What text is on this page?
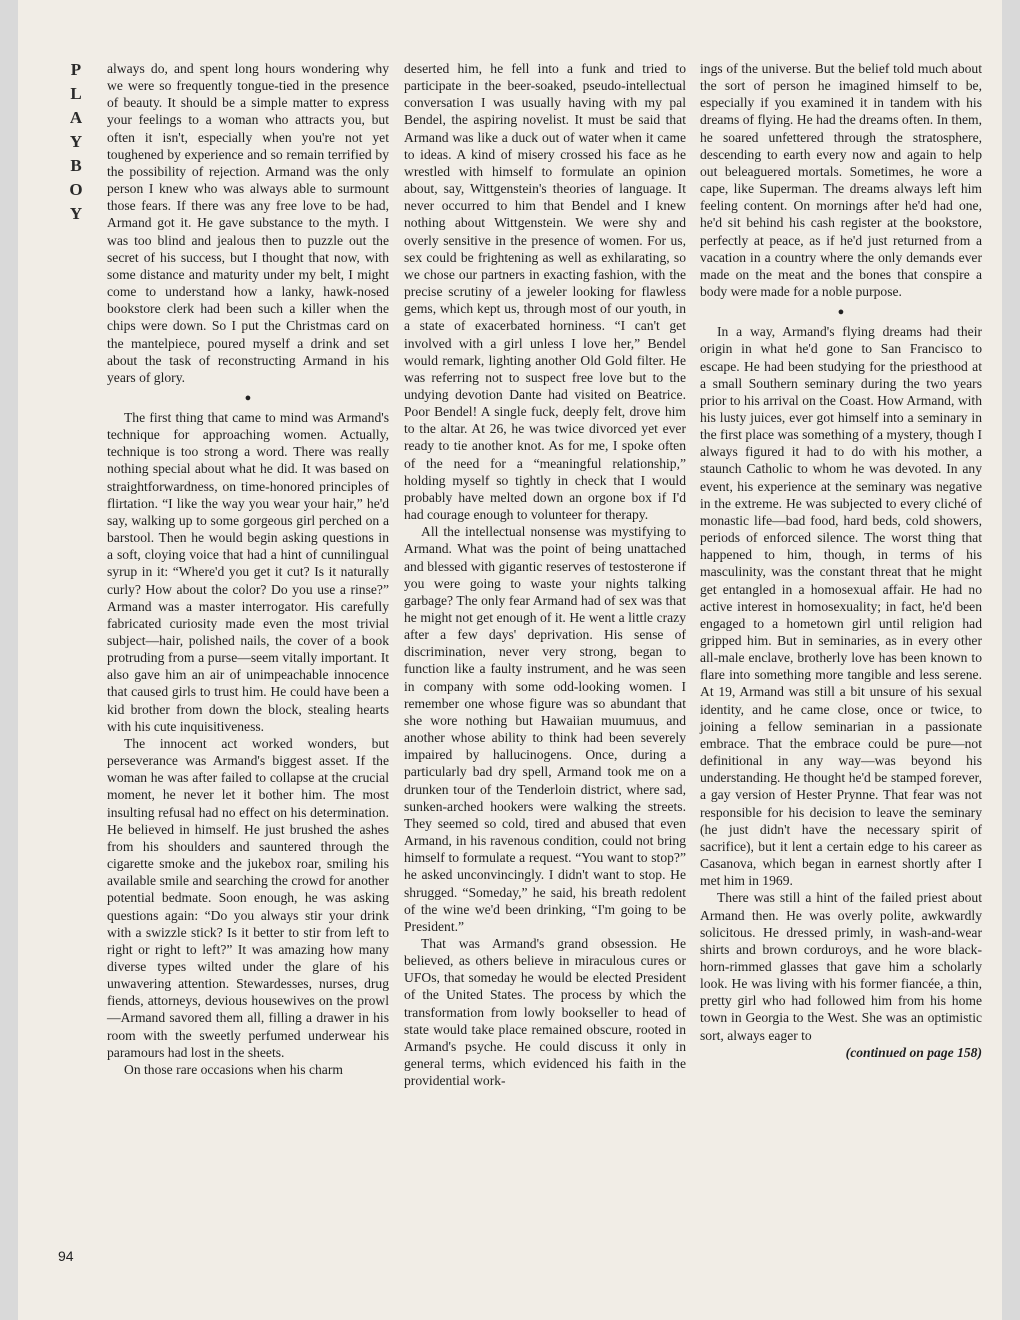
P
L
A
Y
B
O
Y
94

always do, and spent long hours wondering why we were so frequently tongue-tied in the presence of beauty. It should be a simple matter to express your feelings to a woman who attracts you, but often it isn't, especially when you're not yet toughened by experience and so remain terrified by the possibility of rejection. Armand was the only person I knew who was always able to surmount those fears. If there was any free love to be had, Armand got it. He gave substance to the myth. I was too blind and jealous then to puzzle out the secret of his success, but I thought that now, with some distance and maturity under my belt, I might come to understand how a lanky, hawk-nosed bookstore clerk had been such a killer when the chips were down. So I put the Christmas card on the mantelpiece, poured myself a drink and set about the task of reconstructing Armand in his years of glory.

●

The first thing that came to mind was Armand's technique for approaching women. Actually, technique is too strong a word. There was really nothing special about what he did. It was based on straightforwardness, on time-honored principles of flirtation. “I like the way you wear your hair,” he'd say, walking up to some gorgeous girl perched on a barstool. Then he would begin asking questions in a soft, cloying voice that had a hint of cunnilingual syrup in it: “Where'd you get it cut? Is it naturally curly? How about the color? Do you use a rinse?” Armand was a master interrogator. His carefully fabricated curiosity made even the most trivial subject—hair, polished nails, the cover of a book protruding from a purse—seem vitally important. It also gave him an air of unimpeachable innocence that caused girls to trust him. He could have been a kid brother from down the block, stealing hearts with his cute inquisitiveness.

The innocent act worked wonders, but perseverance was Armand's biggest asset. If the woman he was after failed to collapse at the crucial moment, he never let it bother him. The most insulting refusal had no effect on his determination. He believed in himself. He just brushed the ashes from his shoulders and sauntered through the cigarette smoke and the jukebox roar, smiling his available smile and searching the crowd for another potential bedmate. Soon enough, he was asking questions again: “Do you always stir your drink with a swizzle stick? Is it better to stir from left to right or right to left?” It was amazing how many diverse types wilted under the glare of his unwavering attention. Stewardesses, nurses, drug fiends, attorneys, devious housewives on the prowl—Armand savored them all, filling a drawer in his room with the sweetly perfumed underwear his paramours had lost in the sheets.

On those rare occasions when his charm

deserted him, he fell into a funk and tried to participate in the beer-soaked, pseudo-intellectual conversation I was usually having with my pal Bendel, the aspiring novelist. It must be said that Armand was like a duck out of water when it came to ideas. A kind of misery crossed his face as he wrestled with himself to formulate an opinion about, say, Wittgenstein's theories of language. It never occurred to him that Bendel and I knew nothing about Wittgenstein. We were shy and overly sensitive in the presence of women. For us, sex could be frightening as well as exhilarating, so we chose our partners in exacting fashion, with the precise scrutiny of a jeweler looking for flawless gems, which kept us, through most of our youth, in a state of exacerbated horniness. “I can't get involved with a girl unless I love her,” Bendel would remark, lighting another Old Gold filter. He was referring not to suspect free love but to the undying devotion Dante had visited on Beatrice. Poor Bendel! A single fuck, deeply felt, drove him to the altar. At 26, he was twice divorced yet ever ready to tie another knot. As for me, I spoke often of the need for a “meaningful relationship,” holding myself so tightly in check that I would probably have melted down an orgone box if I'd had courage enough to volunteer for therapy.

All the intellectual nonsense was mystifying to Armand. What was the point of being unattached and blessed with gigantic reserves of testosterone if you were going to waste your nights talking garbage? The only fear Armand had of sex was that he might not get enough of it. He went a little crazy after a few days' deprivation. His sense of discrimination, never very strong, began to function like a faulty instrument, and he was seen in company with some odd-looking women. I remember one whose figure was so abundant that she wore nothing but Hawaiian muumuus, and another whose ability to think had been severely impaired by hallucinogens. Once, during a particularly bad dry spell, Armand took me on a drunken tour of the Tenderloin district, where sad, sunken-arched hookers were walking the streets. They seemed so cold, tired and abused that even Armand, in his ravenous condition, could not bring himself to formulate a request. “You want to stop?” he asked unconvincingly. I didn't want to stop. He shrugged. “Someday,” he said, his breath redolent of the wine we'd been drinking, “I'm going to be President.”

That was Armand's grand obsession. He believed, as others believe in miraculous cures or UFOs, that someday he would be elected President of the United States. The process by which the transformation from lowly bookseller to head of state would take place remained obscure, rooted in Armand's psyche. He could discuss it only in general terms, which evidenced his faith in the providential work-

ings of the universe. But the belief told much about the sort of person he imagined himself to be, especially if you examined it in tandem with his dreams of flying. He had the dreams often. In them, he soared unfettered through the stratosphere, descending to earth every now and again to help out beleaguered mortals. Sometimes, he wore a cape, like Superman. The dreams always left him feeling content. On mornings after he'd had one, he'd sit behind his cash register at the bookstore, perfectly at peace, as if he'd just returned from a vacation in a country where the only demands ever made on the meat and the bones that conspire a body were made for a noble purpose.

●

In a way, Armand's flying dreams had their origin in what he'd gone to San Francisco to escape. He had been studying for the priesthood at a small Southern seminary during the two years prior to his arrival on the Coast. How Armand, with his lusty juices, ever got himself into a seminary in the first place was something of a mystery, though I always figured it had to do with his mother, a staunch Catholic to whom he was devoted. In any event, his experience at the seminary was negative in the extreme. He was subjected to every cliché of monastic life—bad food, hard beds, cold showers, periods of enforced silence. The worst thing that happened to him, though, in terms of his masculinity, was the constant threat that he might get entangled in a homosexual affair. He had no active interest in homosexuality; in fact, he'd been engaged to a hometown girl until religion had gripped him. But in seminaries, as in every other all-male enclave, brotherly love has been known to flare into something more tangible and less serene. At 19, Armand was still a bit unsure of his sexual identity, and he came close, once or twice, to joining a fellow seminarian in a passionate embrace. That the embrace could be pure—not definitional in any way—was beyond his understanding. He thought he'd be stamped forever, a gay version of Hester Prynne. That fear was not responsible for his decision to leave the seminary (he just didn't have the necessary spirit of sacrifice), but it lent a certain edge to his career as Casanova, which began in earnest shortly after I met him in 1969.

There was still a hint of the failed priest about Armand then. He was overly polite, awkwardly solicitous. He dressed primly, in wash-and-wear shirts and brown corduroys, and he wore black-horn-rimmed glasses that gave him a scholarly look. He was living with his former fiancée, a thin, pretty girl who had followed him from his home town in Georgia to the West. She was an optimistic sort, always eager to

(continued on page 158)
